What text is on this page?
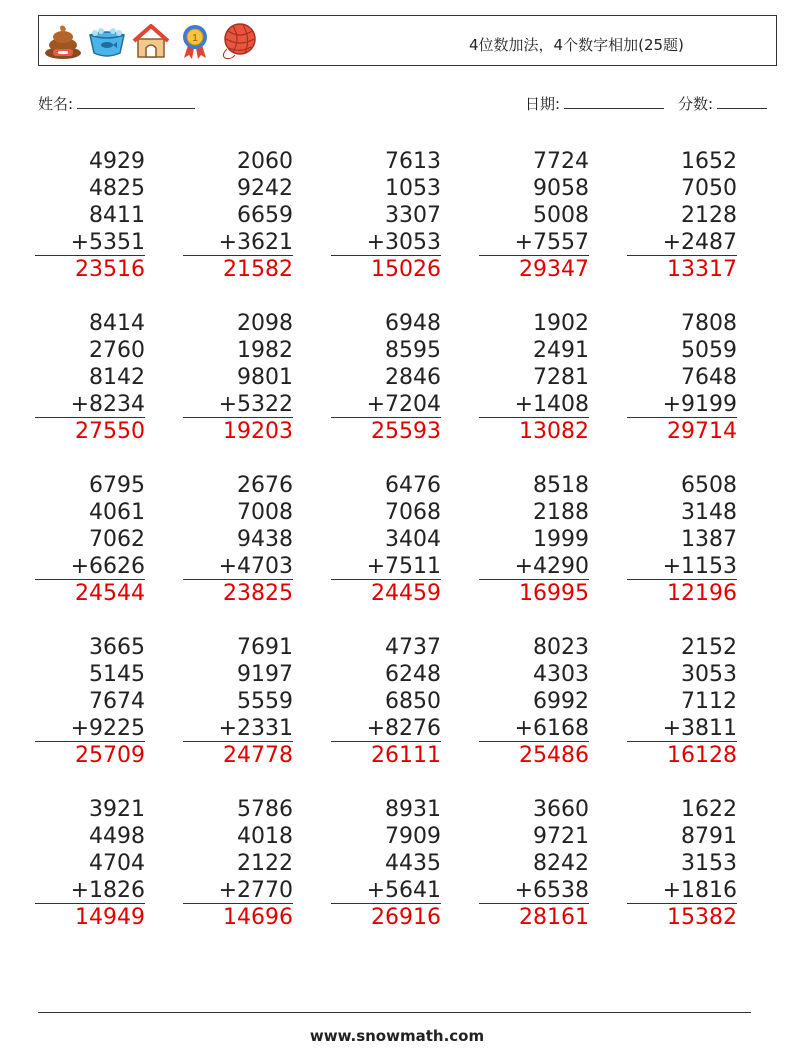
1	4位数加法，4个数字相加(25题)
姓名:	日期:	分数:
4929
4825
8411
+5351
23516
2060
9242
6659
+3621
21582
7613
1053
3307
+3053
15026
7724
9058
5008
+7557
29347
1652
7050
2128
+2487
13317
8414
2760
8142
+8234
27550
2098
1982
9801
+5322
19203
6948
8595
2846
+7204
25593
1902
2491
7281
+1408
13082
7808
5059
7648
+9199
29714
6795
4061
7062
+6626
24544
2676
7008
9438
+4703
23825
6476
7068
3404
+7511
24459
8518
2188
1999
+4290
16995
6508
3148
1387
+1153
12196
3665
5145
7674
+9225
25709
7691
9197
5559
+2331
24778
4737
6248
6850
+8276
26111
8023
4303
6992
+6168
25486
2152
3053
7112
+3811
16128
3921
4498
4704
+1826
14949
5786
4018
2122
+2770
14696
8931
7909
4435
+5641
26916
3660
9721
8242
+6538
28161
1622
8791
3153
+1816
15382
www.snowmath.com
